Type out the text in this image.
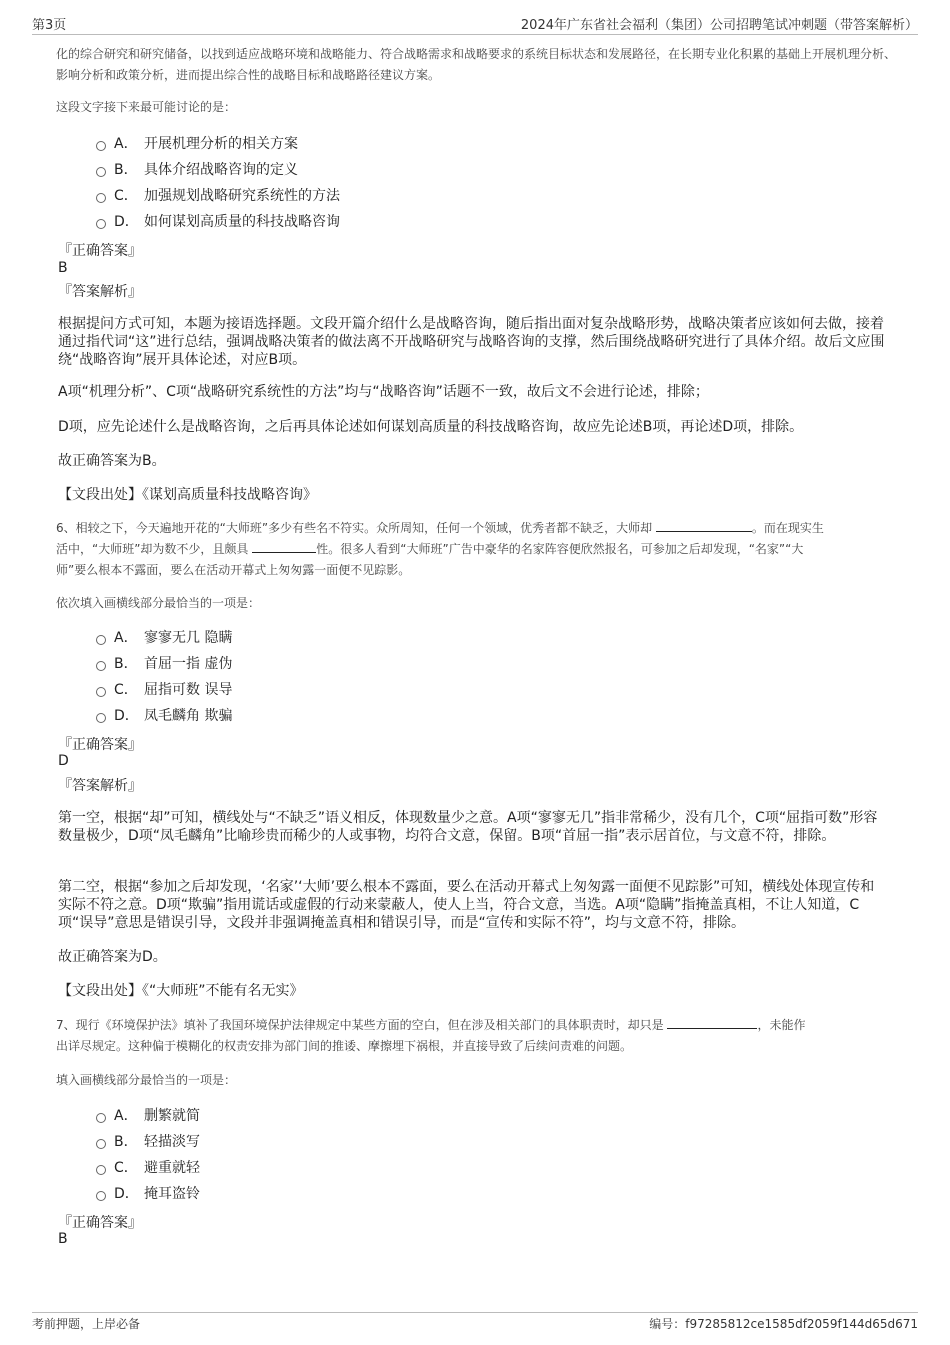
第3页	2024年广东省社会福利（集团）公司招聘笔试冲刺题（带答案解析）
化的综合研究和研究储备，以找到适应战略环境和战略能力、符合战略需求和战略要求的系统目标状态和发展路径，在长期专业化积累的基础上开展机理分析、影响分析和政策分析，进而提出综合性的战略目标和战略路径建议方案。
这段文字接下来最可能讨论的是：
A． 开展机理分析的相关方案
B． 具体介绍战略咨询的定义
C． 加强规划战略研究系统性的方法
D． 如何谋划高质量的科技战略咨询
『正确答案』
B
『答案解析』
根据提问方式可知，本题为接语选择题。文段开篇介绍什么是战略咨询，随后指出面对复杂战略形势，战略决策者应该如何去做，接着通过指代词“这”进行总结，强调战略决策者的做法离不开战略研究与战略咨询的支撑，然后围绕战略研究进行了具体介绍。故后文应围绕“战略咨询”展开具体论述，对应B项。
A项“机理分析”、C项“战略研究系统性的方法”均与“战略咨询”话题不一致，故后文不会进行论述，排除；
D项，应先论述什么是战略咨询，之后再具体论述如何谋划高质量的科技战略咨询，故应先论述B项，再论述D项，排除。
故正确答案为B。
【文段出处】《谋划高质量科技战略咨询》
6、相较之下，今天遍地开花的“大师班”多少有些名不符实。众所周知，任何一个领域，优秀者都不缺乏，大师却	。而在现实生
活中，“大师班”却为数不少，且颇具	性。很多人看到“大师班”广告中豪华的名家阵容便欣然报名，可参加之后却发现，“名家”“大
师”要么根本不露面，要么在活动开幕式上匆匆露一面便不见踪影。
依次填入画横线部分最恰当的一项是：
A． 寥寥无几 隐瞒
B． 首屈一指 虚伪
C． 屈指可数 误导
D． 凤毛麟角 欺骗
『正确答案』
D
『答案解析』
第一空，根据“却”可知，横线处与“不缺乏”语义相反，体现数量少之意。A项“寥寥无几”指非常稀少，没有几个，C项“屈指可数”形容数量极少，D项“凤毛麟角”比喻珍贵而稀少的人或事物，均符合文意，保留。B项“首屈一指”表示居首位，与文意不符，排除。
第二空，根据“参加之后却发现，‘名家’‘大师’要么根本不露面，要么在活动开幕式上匆匆露一面便不见踪影”可知，横线处体现宣传和实际不符之意。D项“欺骗”指用谎话或虚假的行动来蒙蔽人，使人上当，符合文意，当选。A项“隐瞒”指掩盖真相，不让人知道，C项“误导”意思是错误引导，文段并非强调掩盖真相和错误引导，而是“宣传和实际不符”，均与文意不符，排除。
故正确答案为D。
【文段出处】《“大师班”不能有名无实》
7、现行《环境保护法》填补了我国环境保护法律规定中某些方面的空白，但在涉及相关部门的具体职责时，却只是	，未能作
出详尽规定。这种偏于模糊化的权责安排为部门间的推诿、摩擦埋下祸根，并直接导致了后续问责难的问题。
填入画横线部分最恰当的一项是：
A． 删繁就简
B． 轻描淡写
C． 避重就轻
D． 掩耳盗铃
『正确答案』
B
考前押题，上岸必备	编号：f97285812ce1585df2059f144d65d671
